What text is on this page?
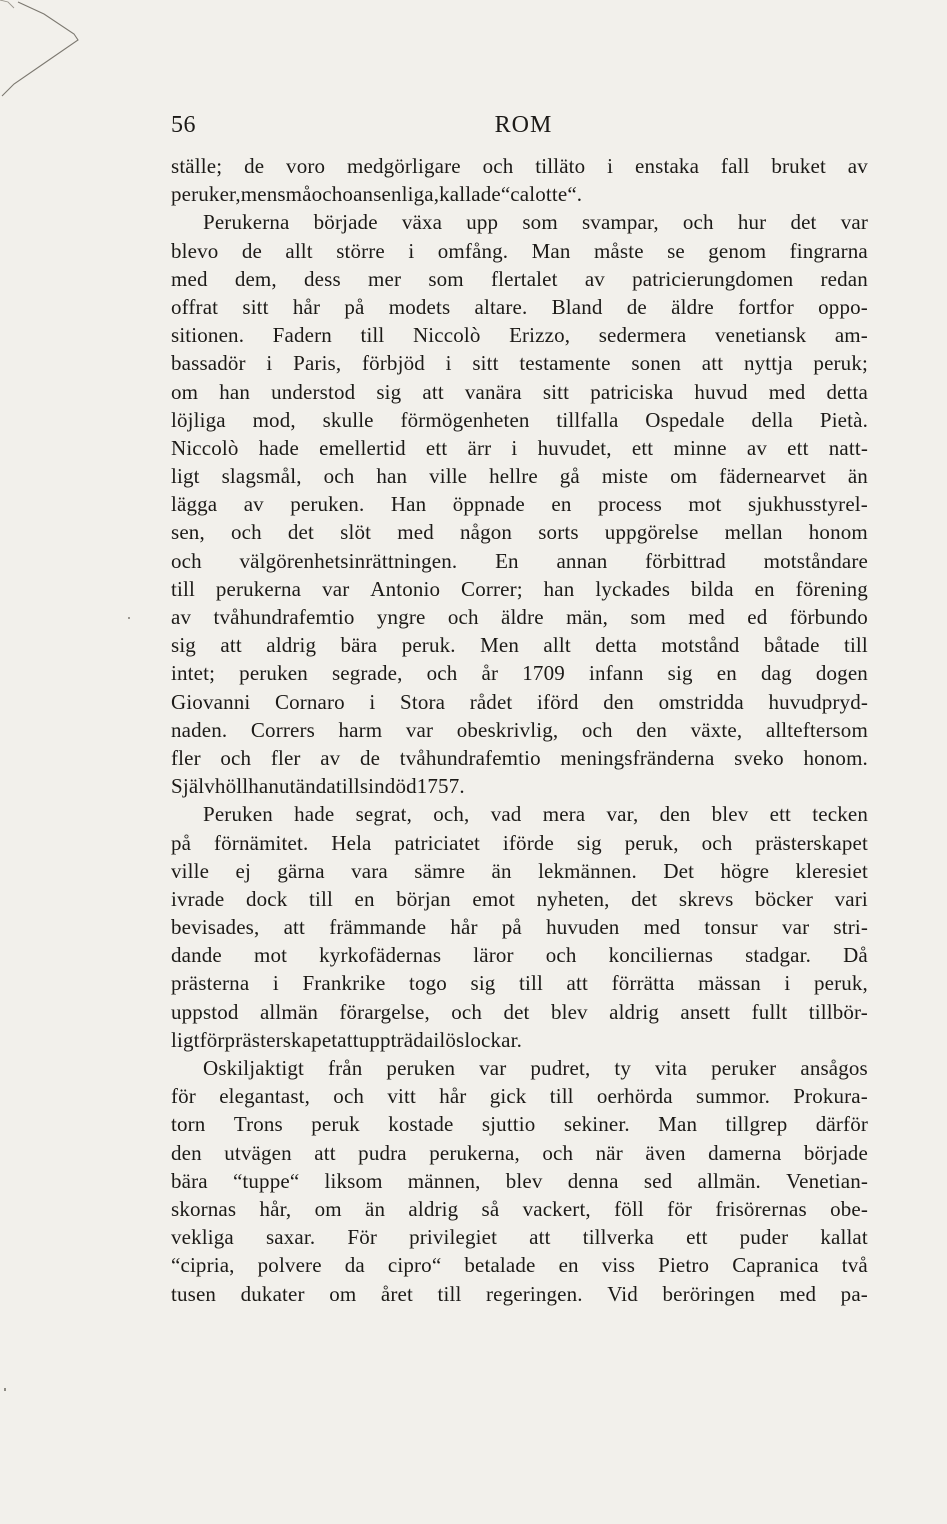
56	ROM
ställe; de voro medgörligare och tilläto i enstaka fall bruket av
peruker, men små och oansenliga, kallade “calotte“.
Perukerna började växa upp som svampar, och hur det var
blevo de allt större i omfång. Man måste se genom fingrarna
med dem, dess mer som flertalet av patricierungdomen redan
offrat sitt hår på modets altare. Bland de äldre fortfor oppo-
sitionen. Fadern till Niccolò Erizzo, sedermera venetiansk am-
bassadör i Paris, förbjöd i sitt testamente sonen att nyttja peruk;
om han understod sig att vanära sitt patriciska huvud med detta
löjliga mod, skulle förmögenheten tillfalla Ospedale della Pietà.
Niccolò hade emellertid ett ärr i huvudet, ett minne av ett natt-
ligt slagsmål, och han ville hellre gå miste om fädernearvet än
lägga av peruken. Han öppnade en process mot sjukhusstyrel-
sen, och det slöt med någon sorts uppgörelse mellan honom
och välgörenhetsinrättningen. En annan förbittrad motståndare
till perukerna var Antonio Correr; han lyckades bilda en förening
av tvåhundrafemtio yngre och äldre män, som med ed förbundo
sig att aldrig bära peruk. Men allt detta motstånd båtade till
intet; peruken segrade, och år 1709 infann sig en dag dogen
Giovanni Cornaro i Stora rådet iförd den omstridda huvudpryd-
naden. Corrers harm var obeskrivlig, och den växte, allteftersom
fler och fler av de tvåhundrafemtio meningsfränderna sveko honom.
Själv höll han ut ända till sin död 1757.
Peruken hade segrat, och, vad mera var, den blev ett tecken
på förnämitet. Hela patriciatet iförde sig peruk, och prästerskapet
ville ej gärna vara sämre än lekmännen. Det högre kleresiet
ivrade dock till en början emot nyheten, det skrevs böcker vari
bevisades, att främmande hår på huvuden med tonsur var stri-
dande mot kyrkofädernas läror och konciliernas stadgar. Då
prästerna i Frankrike togo sig till att förrätta mässan i peruk,
uppstod allmän förargelse, och det blev aldrig ansett fullt tillbör-
ligt för prästerskapet att uppträda i löslockar.
Oskiljaktigt från peruken var pudret, ty vita peruker ansågos
för elegantast, och vitt hår gick till oerhörda summor. Prokura-
torn Trons peruk kostade sjuttio sekiner. Man tillgrep därför
den utvägen att pudra perukerna, och när även damerna började
bära “tuppe“ liksom männen, blev denna sed allmän. Venetian-
skornas hår, om än aldrig så vackert, föll för frisörernas obe-
vekliga saxar. För privilegiet att tillverka ett puder kallat
“cipria, polvere da cipro“ betalade en viss Pietro Capranica två
tusen dukater om året till regeringen. Vid beröringen med pa-
